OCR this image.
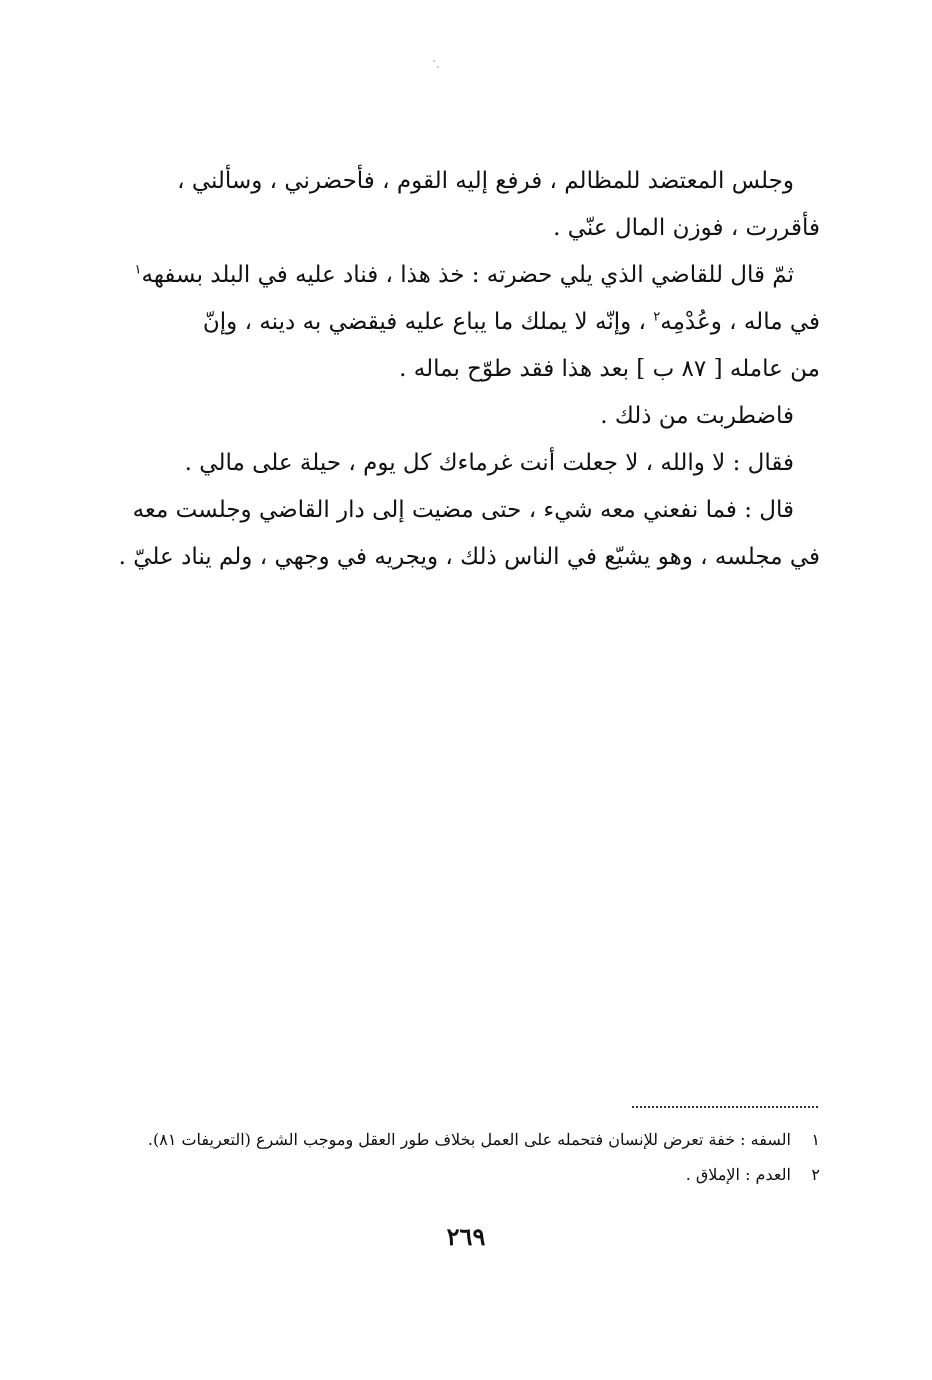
وجلس المعتضد للمظالم ، فرفع إليه القوم ، فأحضرني ، وسألني ،
فأقررت ، فوزن المال عنّي .
ثمّ قال للقاضي الذي يلي حضرته : خذ هذا ، فناد عليه في البلد بسفهه$^١$
في ماله ، وعُدْمِه$^٢$ ، وإنّه لا يملك ما يباع عليه فيقضي به دينه ، وإنّ
من عامله [ ٨٧ ب ] بعد هذا فقد طوّح بماله .
فاضطربت من ذلك .
فقال : لا والله ، لا جعلت أنت غرماءك كل يوم ، حيلة على مالي .
قال : فما نفعني معه شيء ، حتى مضيت إلى دار القاضي وجلست معه
في مجلسه ، وهو يشيّع في الناس ذلك ، ويجريه في وجهي ، ولم يناد عليّ .
١ السفه : خفة تعرض للإنسان فتحمله على العمل بخلاف طور العقل وموجب الشرع (التعريفات ٨١).
٢ العدم : الإملاق .
٢٦٩
